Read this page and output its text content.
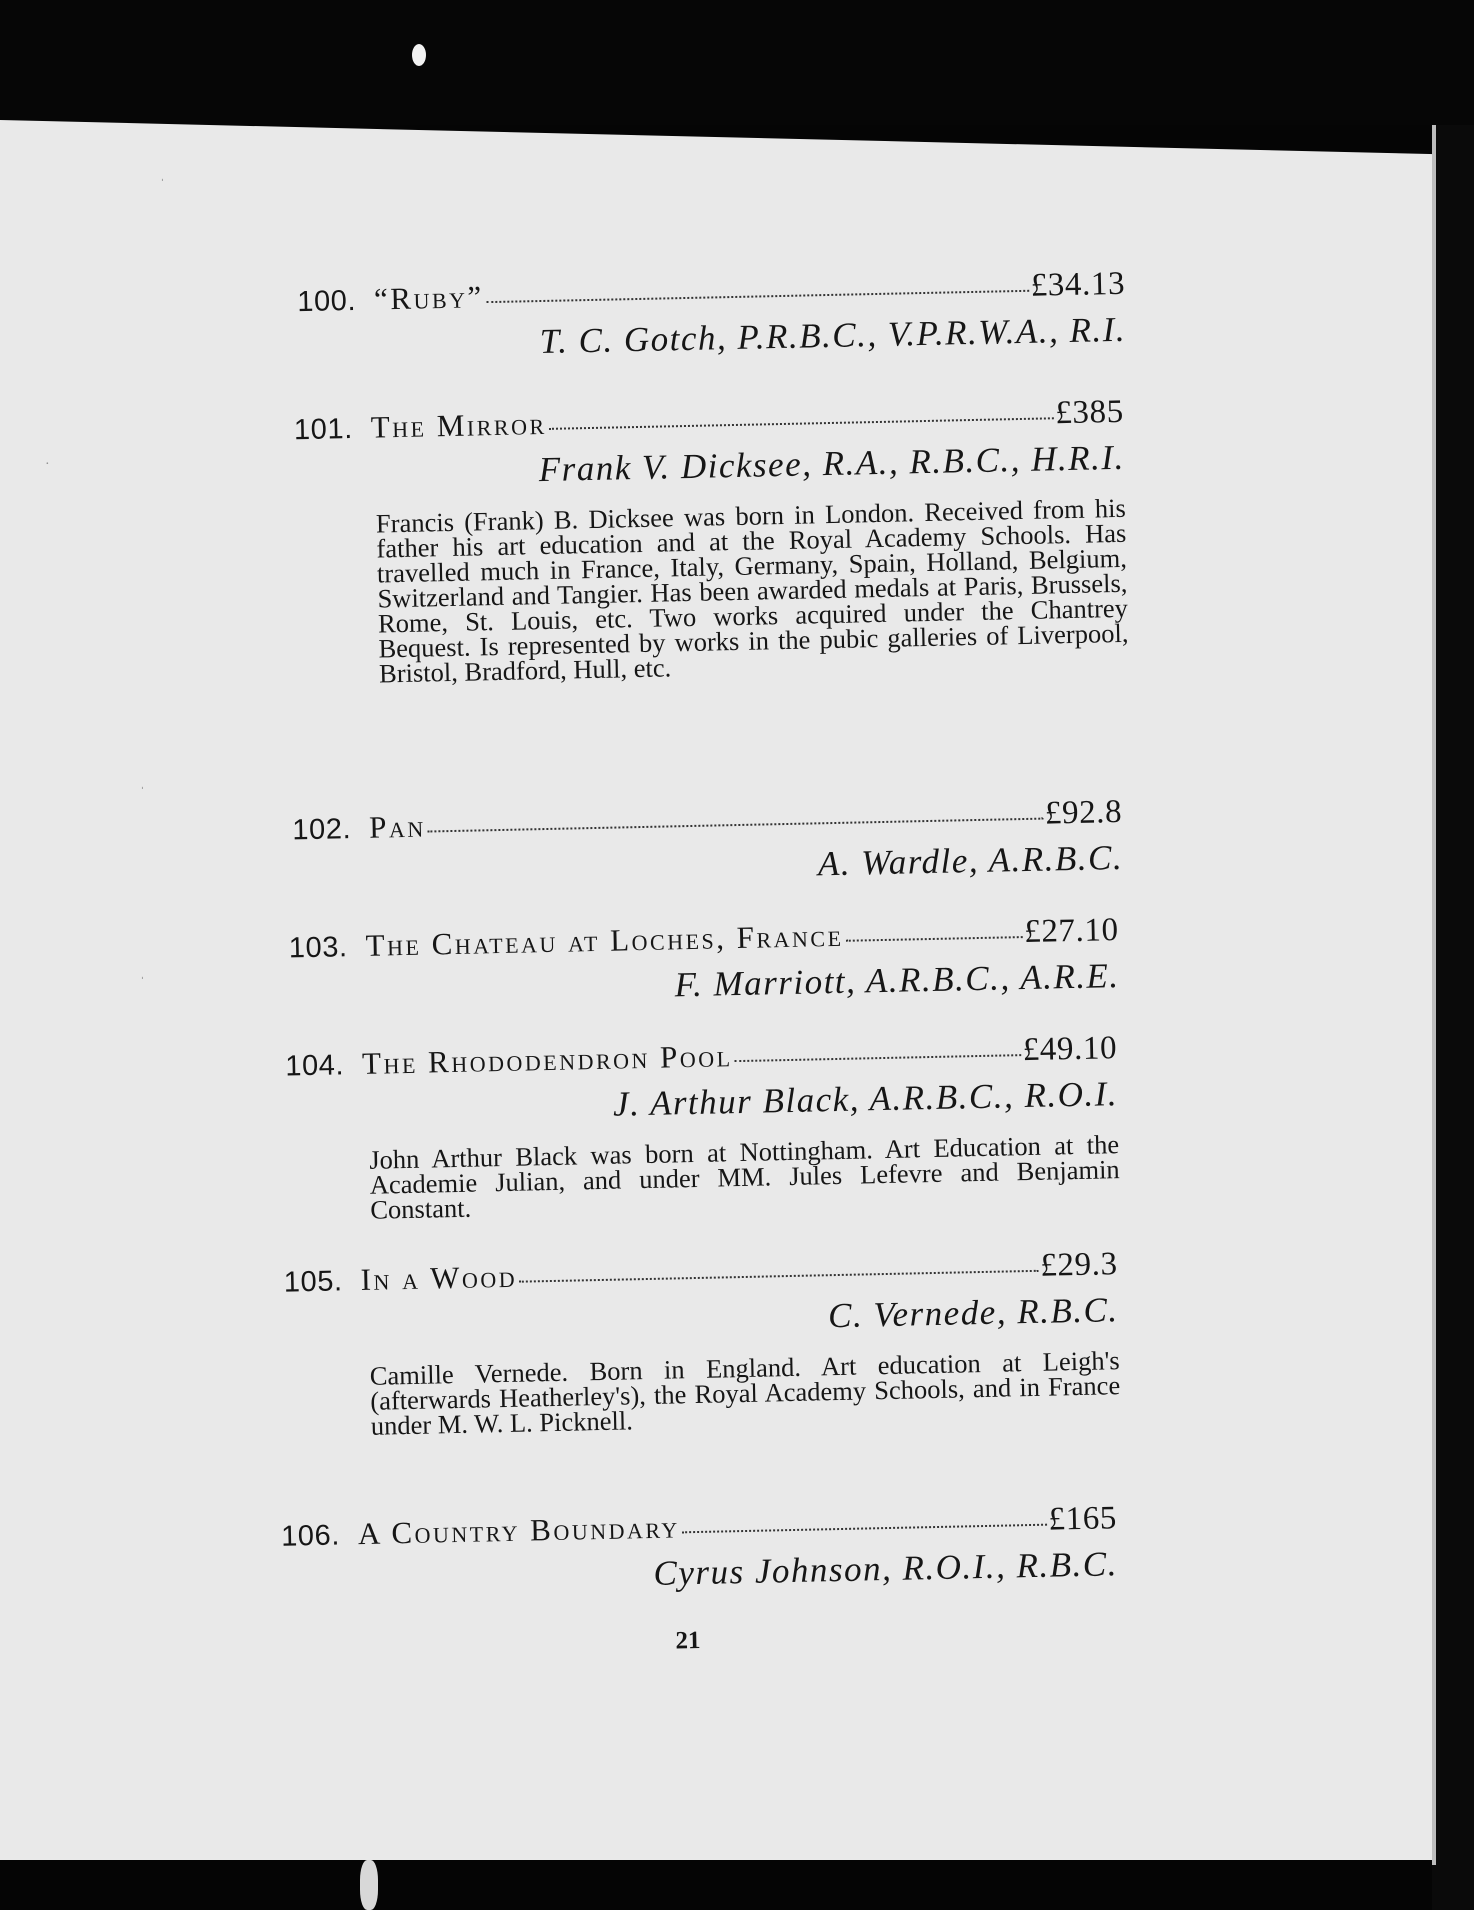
ˌ
·
ˌ
ˌ
100. “Ruby”	£34.13
T. C. Gotch, P.R.B.C., V.P.R.W.A., R.I.
101. The Mirror	£385
Frank V. Dicksee, R.A., R.B.C., H.R.I.

Francis (Frank) B. Dicksee was born in London. Received from his father his art education and at the Royal Academy Schools. Has travelled much in France, Italy, Germany, Spain, Holland, Belgium, Switzerland and Tangier. Has been awarded medals at Paris, Brussels, Rome, St. Louis, etc. Two works acquired under the Chantrey Bequest. Is represented by works in the pubic galleries of Liverpool, Bristol, Bradford, Hull, etc.

102. Pan	£92.8
A. Wardle, A.R.B.C.
103. The Chateau at Loches, France	£27.10
F. Marriott, A.R.B.C., A.R.E.
104. The Rhododendron Pool	£49.10
J. Arthur Black, A.R.B.C., R.O.I.

John Arthur Black was born at Nottingham. Art Education at the Academie Julian, and under MM. Jules Lefevre and Benjamin Constant.

105. In a Wood	£29.3
C. Vernede, R.B.C.

Camille Vernede. Born in England. Art education at Leigh's (afterwards Heatherley's), the Royal Academy Schools, and in France under M. W. L. Picknell.

106. A Country Boundary	£165
Cyrus Johnson, R.O.I., R.B.C.
21
